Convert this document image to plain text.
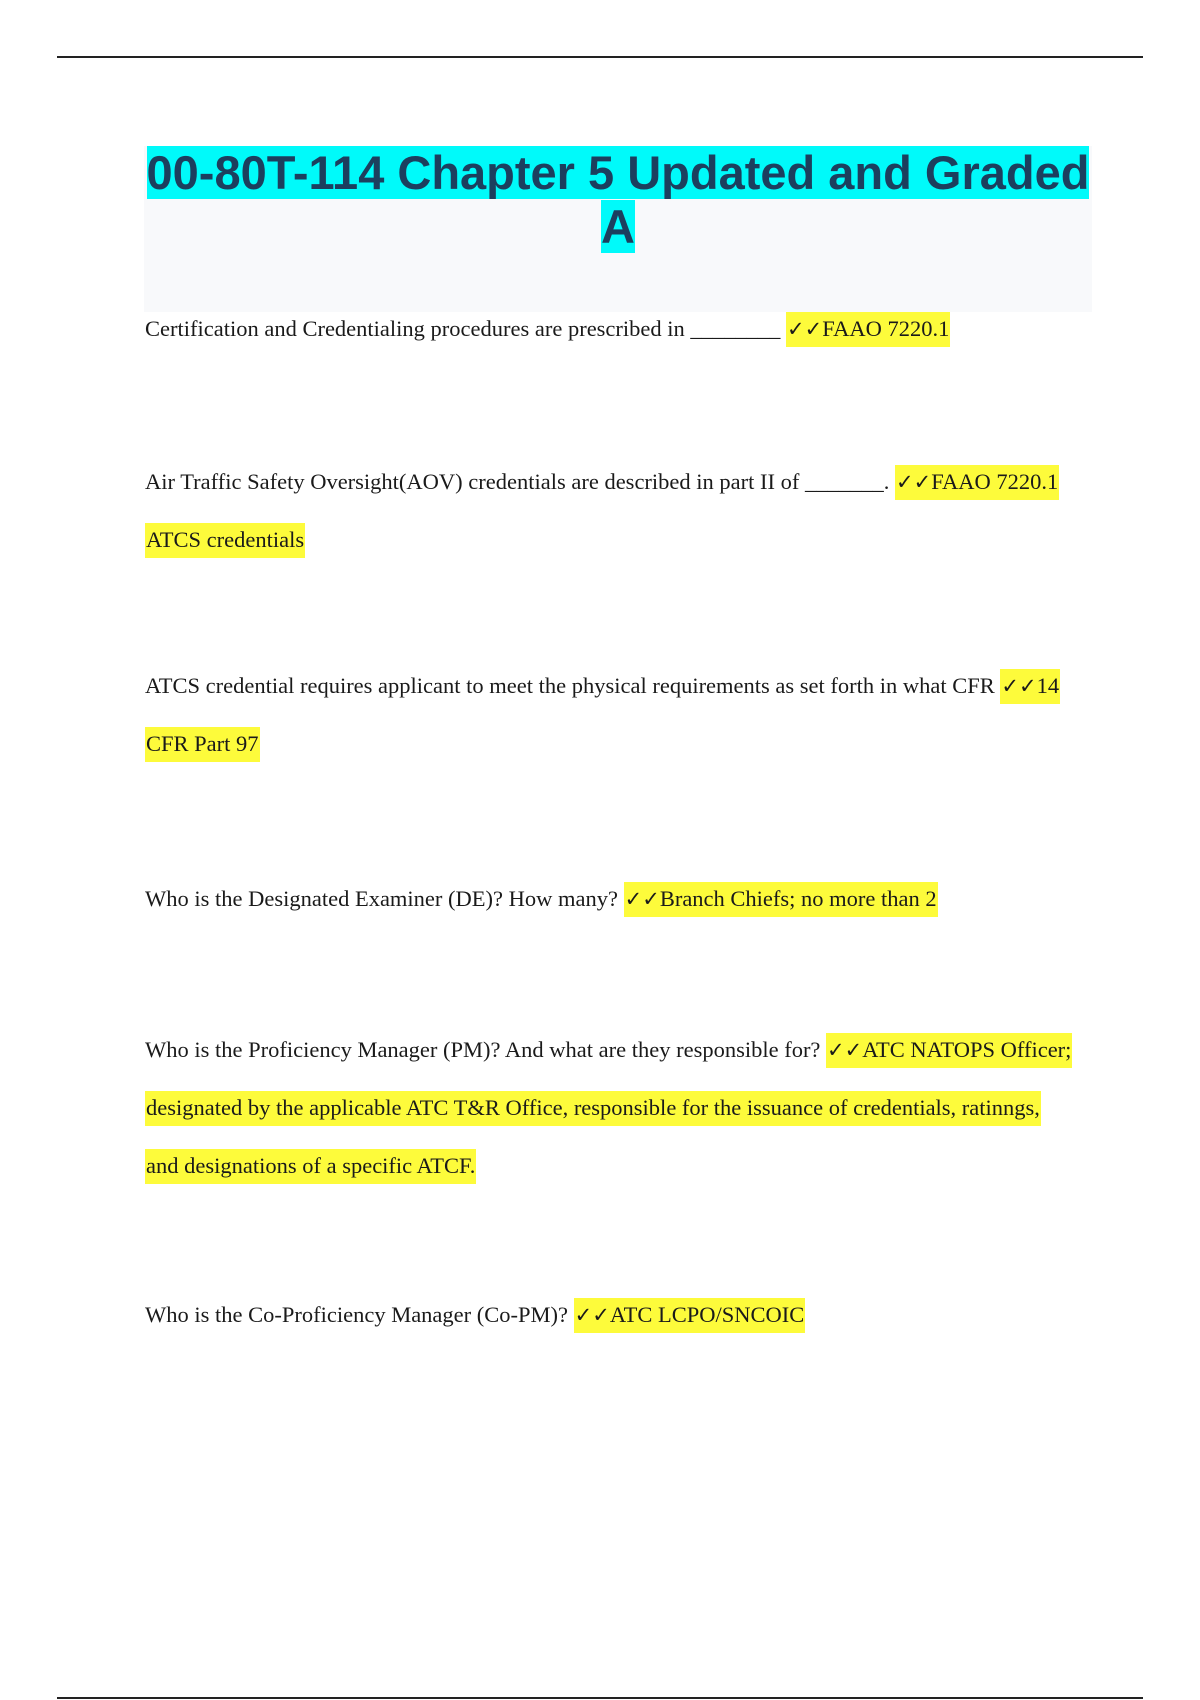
00-80T-114 Chapter 5 Updated and Graded A

Certification and Credentialing procedures are prescribed in ________ ✓✓FAAO 7220.1

Air Traffic Safety Oversight(AOV) credentials are described in part II of _______. ✓✓FAAO 7220.1 ATCS credentials

ATCS credential requires applicant to meet the physical requirements as set forth in what CFR ✓✓14 CFR Part 97

Who is the Designated Examiner (DE)? How many? ✓✓Branch Chiefs; no more than 2

Who is the Proficiency Manager (PM)? And what are they responsible for? ✓✓ATC NATOPS Officer; designated by the applicable ATC T&R Office, responsible for the issuance of credentials, ratinngs, and designations of a specific ATCF.

Who is the Co-Proficiency Manager (Co-PM)? ✓✓ATC LCPO/SNCOIC
